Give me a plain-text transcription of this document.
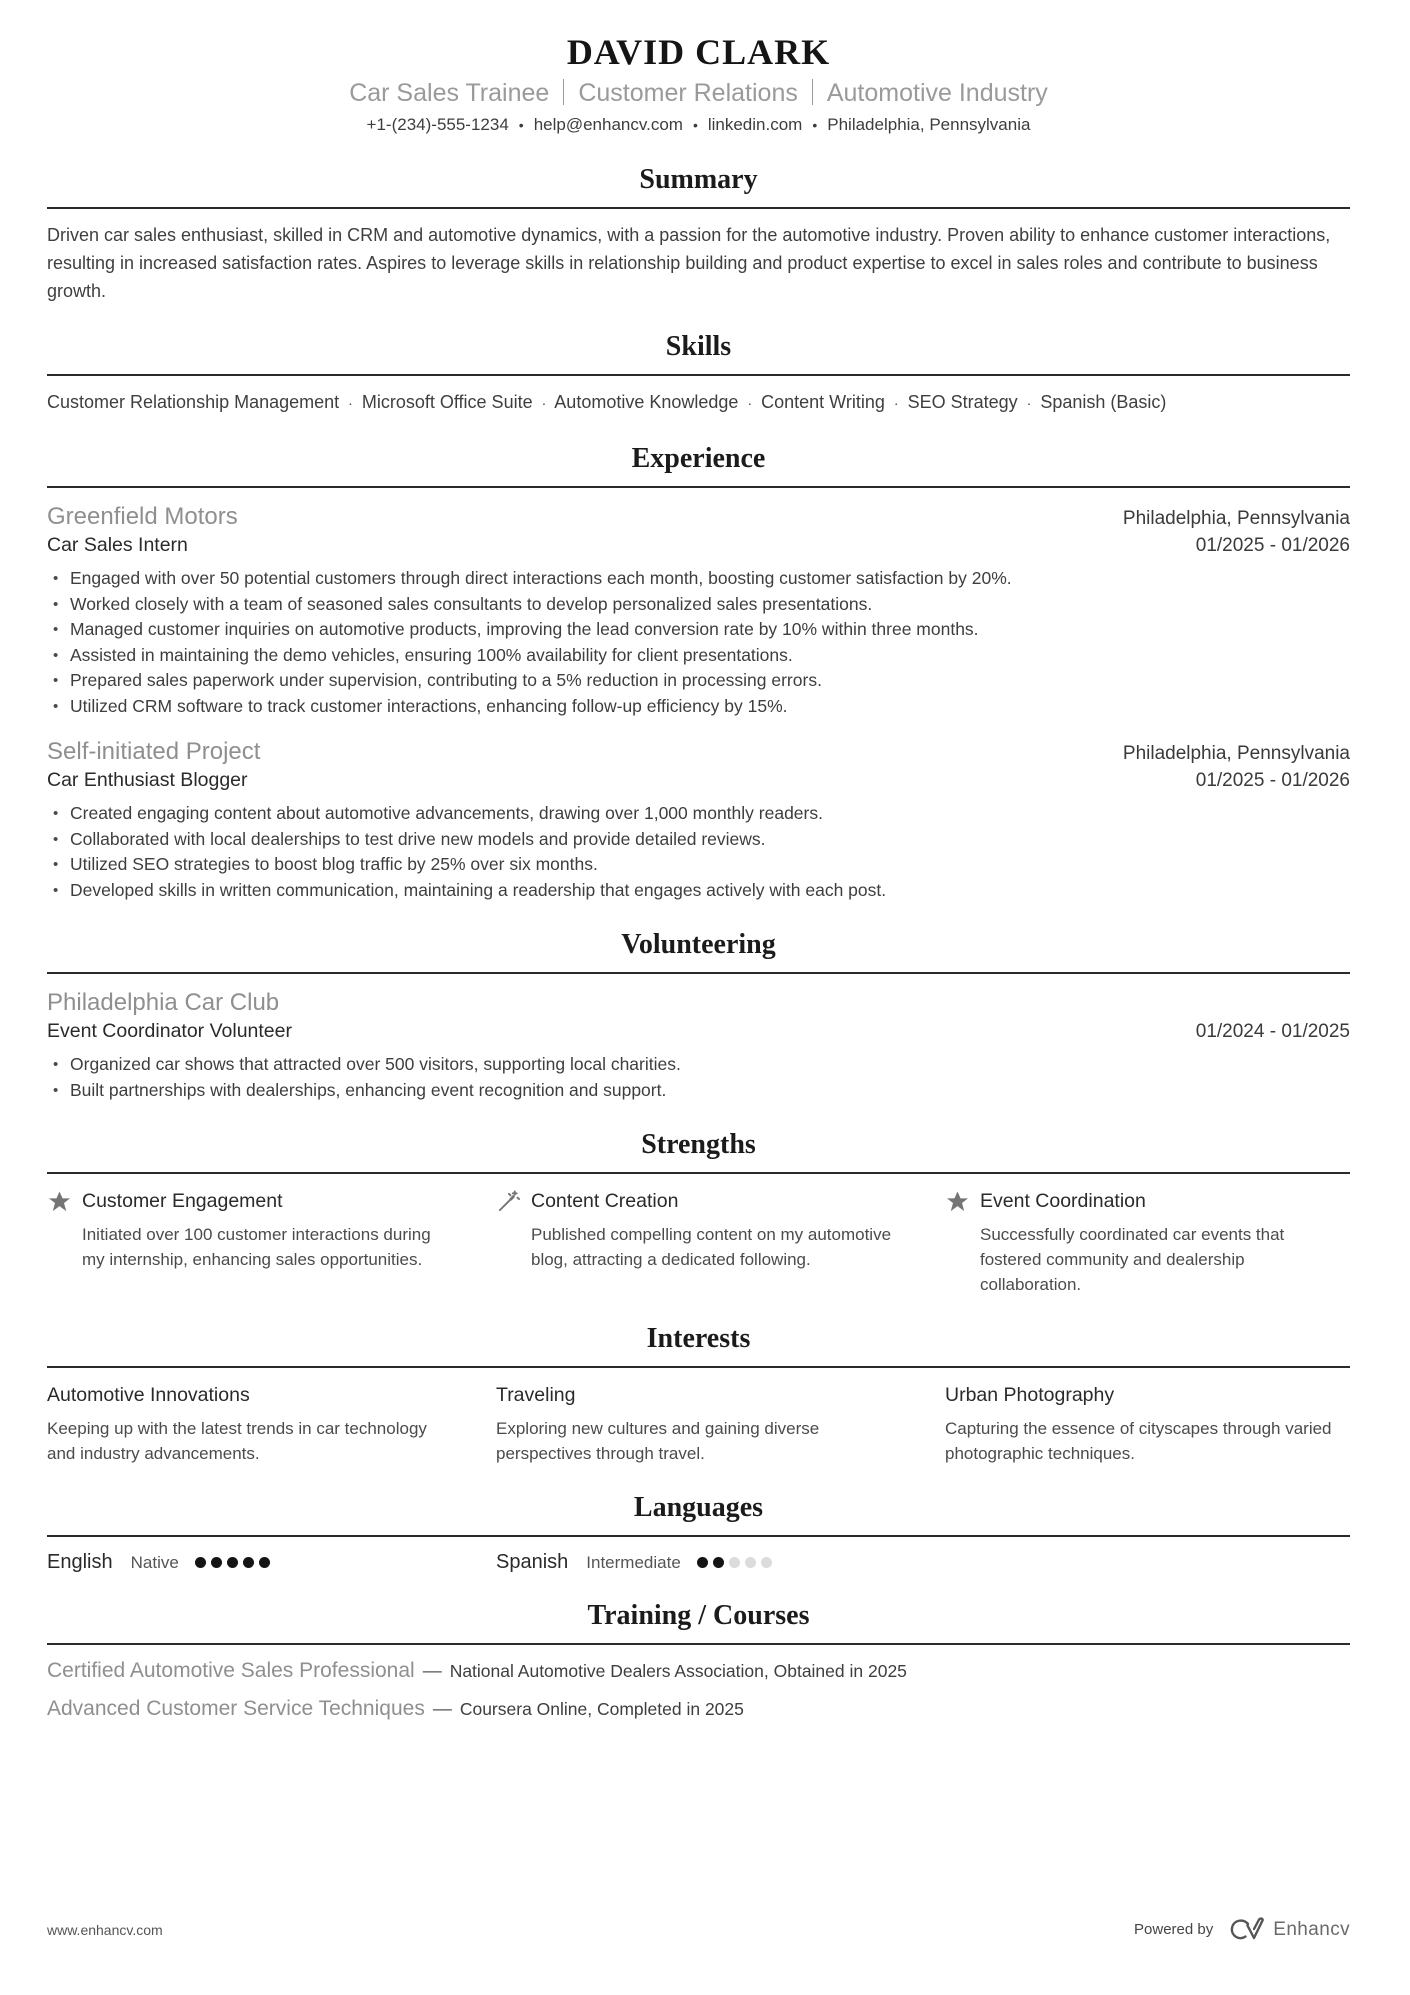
DAVID CLARK
Car Sales Trainee Customer Relations Automotive Industry
+1-(234)-555-1234 • help@enhancv.com • linkedin.com • Philadelphia, Pennsylvania
Summary
Driven car sales enthusiast, skilled in CRM and automotive dynamics, with a passion for the automotive industry. Proven ability to enhance customer interactions, resulting in increased satisfaction rates. Aspires to leverage skills in relationship building and product expertise to excel in sales roles and contribute to business growth.
Skills
Customer Relationship Management · Microsoft Office Suite · Automotive Knowledge · Content Writing · SEO Strategy · Spanish (Basic)
Experience
Greenfield Motors	Philadelphia, Pennsylvania
Car Sales Intern	01/2025 - 01/2026
• Engaged with over 50 potential customers through direct interactions each month, boosting customer satisfaction by 20%.
• Worked closely with a team of seasoned sales consultants to develop personalized sales presentations.
• Managed customer inquiries on automotive products, improving the lead conversion rate by 10% within three months.
• Assisted in maintaining the demo vehicles, ensuring 100% availability for client presentations.
• Prepared sales paperwork under supervision, contributing to a 5% reduction in processing errors.
• Utilized CRM software to track customer interactions, enhancing follow-up efficiency by 15%.
Self-initiated Project	Philadelphia, Pennsylvania
Car Enthusiast Blogger	01/2025 - 01/2026
• Created engaging content about automotive advancements, drawing over 1,000 monthly readers.
• Collaborated with local dealerships to test drive new models and provide detailed reviews.
• Utilized SEO strategies to boost blog traffic by 25% over six months.
• Developed skills in written communication, maintaining a readership that engages actively with each post.
Volunteering
Philadelphia Car Club
Event Coordinator Volunteer	01/2024 - 01/2025
• Organized car shows that attracted over 500 visitors, supporting local charities.
• Built partnerships with dealerships, enhancing event recognition and support.
Strengths
Customer Engagement
Initiated over 100 customer interactions during my internship, enhancing sales opportunities.
Content Creation
Published compelling content on my automotive blog, attracting a dedicated following.
Event Coordination
Successfully coordinated car events that fostered community and dealership collaboration.
Interests
Automotive Innovations
Keeping up with the latest trends in car technology and industry advancements.
Traveling
Exploring new cultures and gaining diverse perspectives through travel.
Urban Photography
Capturing the essence of cityscapes through varied photographic techniques.
Languages
English Native	Spanish Intermediate
Training / Courses
Certified Automotive Sales Professional — National Automotive Dealers Association, Obtained in 2025
Advanced Customer Service Techniques — Coursera Online, Completed in 2025
www.enhancv.com	Powered by	Enhancv
